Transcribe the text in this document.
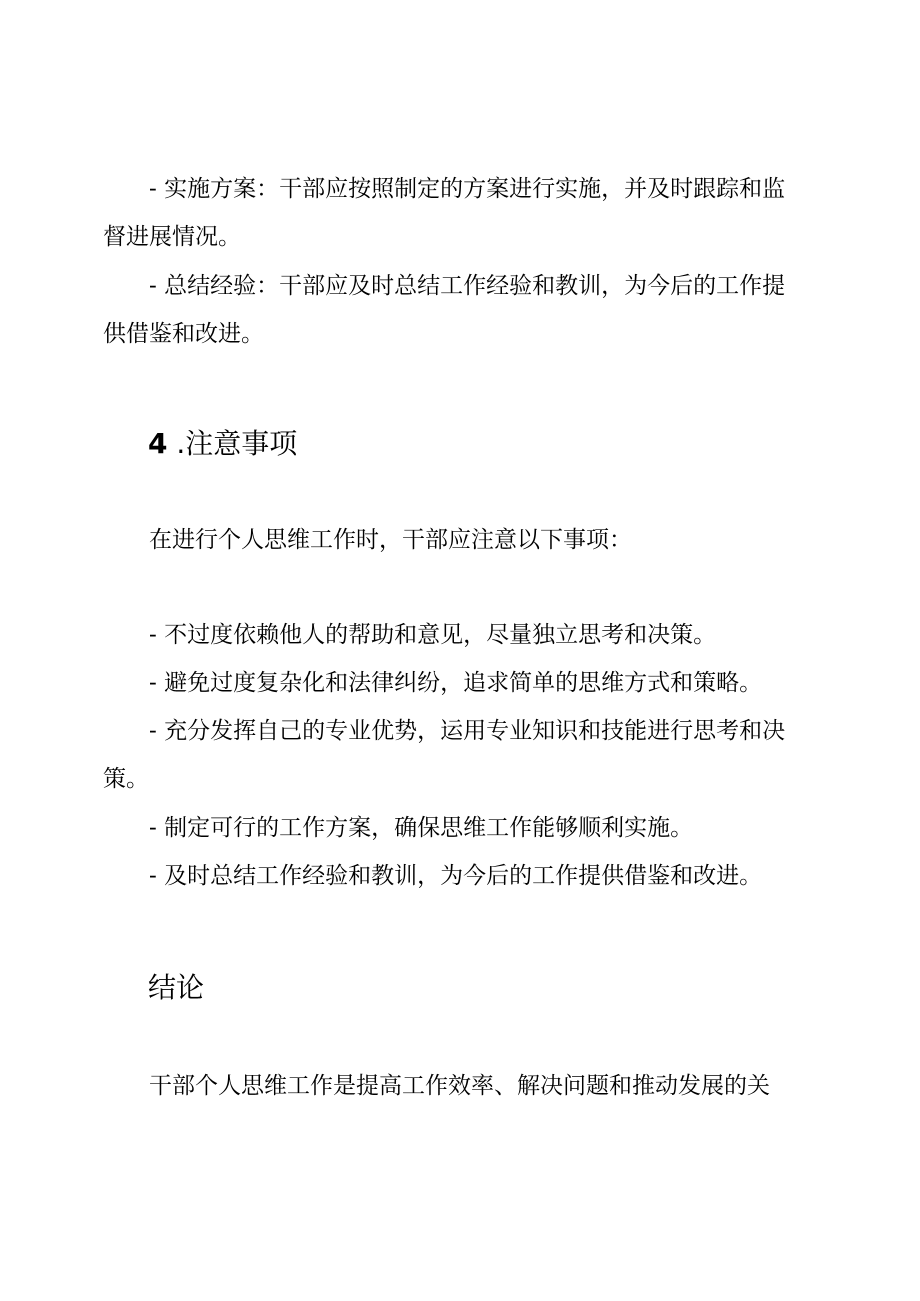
- 实施方案：干部应按照制定的方案进行实施，并及时跟踪和监督进展情况。

- 总结经验：干部应及时总结工作经验和教训，为今后的工作提供借鉴和改进。

4 .注意事项

在进行个人思维工作时，干部应注意以下事项：

- 不过度依赖他人的帮助和意见，尽量独立思考和决策。

- 避免过度复杂化和法律纠纷，追求简单的思维方式和策略。

- 充分发挥自己的专业优势，运用专业知识和技能进行思考和决策。

- 制定可行的工作方案，确保思维工作能够顺利实施。

- 及时总结工作经验和教训，为今后的工作提供借鉴和改进。

结论

干部个人思维工作是提高工作效率、解决问题和推动发展的关
